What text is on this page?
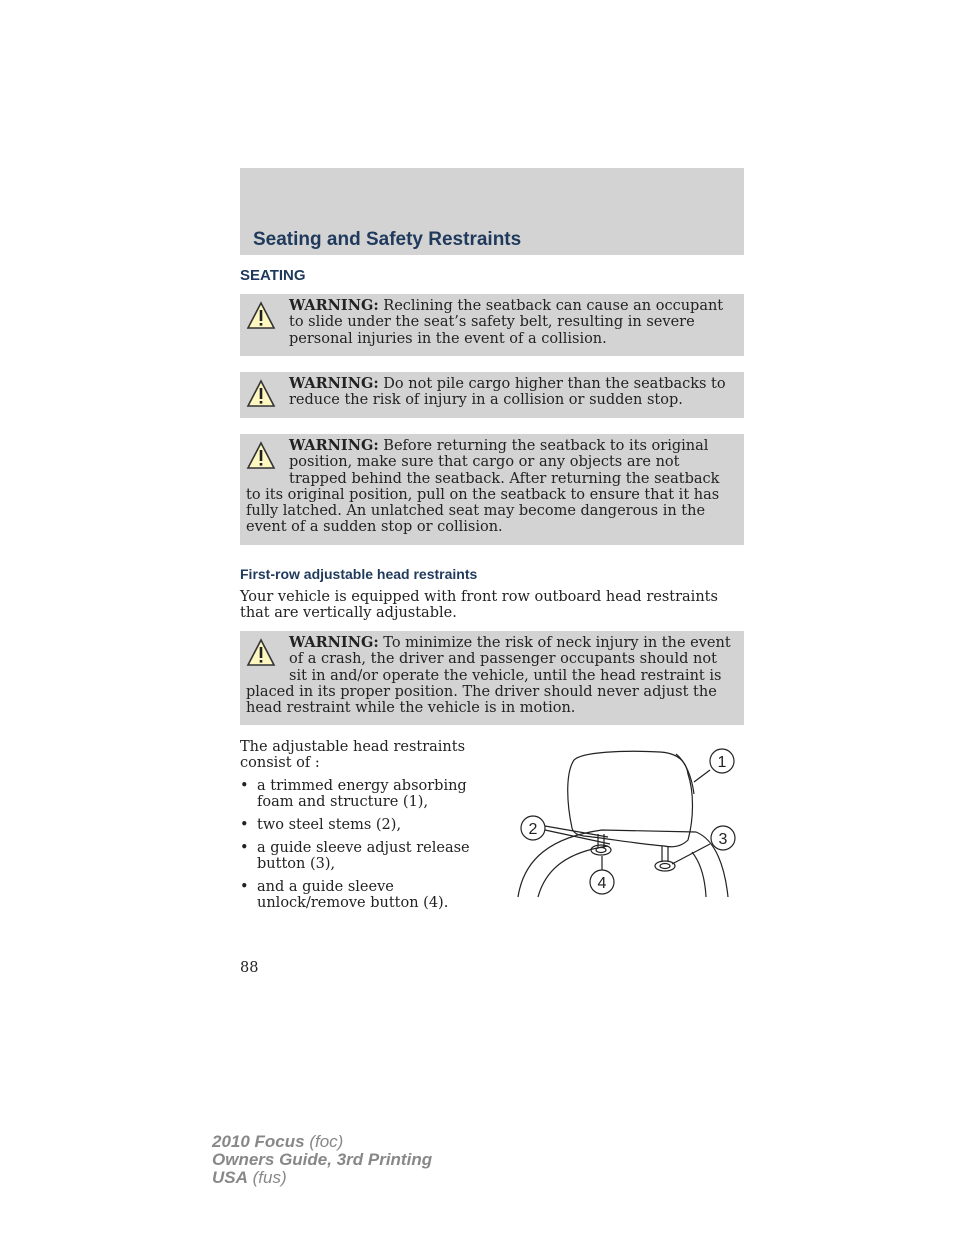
Seating and Safety Restraints
SEATING
WARNING: Reclining the seatback can cause an occupant to slide under the seat’s safety belt, resulting in severe personal injuries in the event of a collision.
WARNING: Do not pile cargo higher than the seatbacks to reduce the risk of injury in a collision or sudden stop.
WARNING: Before returning the seatback to its original position, make sure that cargo or any objects are not trapped behind the seatback. After returning the seatback to its original position, pull on the seatback to ensure that it has fully latched. An unlatched seat may become dangerous in the event of a sudden stop or collision.
First-row adjustable head restraints
Your vehicle is equipped with front row outboard head restraints that are vertically adjustable.
WARNING: To minimize the risk of neck injury in the event of a crash, the driver and passenger occupants should not sit in and/or operate the vehicle, until the head restraint is placed in its proper position. The driver should never adjust the head restraint while the vehicle is in motion.
The adjustable head restraints consist of :
• a trimmed energy absorbing foam and structure (1),
• two steel stems (2),
• a guide sleeve adjust release button (3),
• and a guide sleeve unlock/remove button (4).
1
2
3
4
88
2010 Focus (foc)
Owners Guide, 3rd Printing
USA (fus)
